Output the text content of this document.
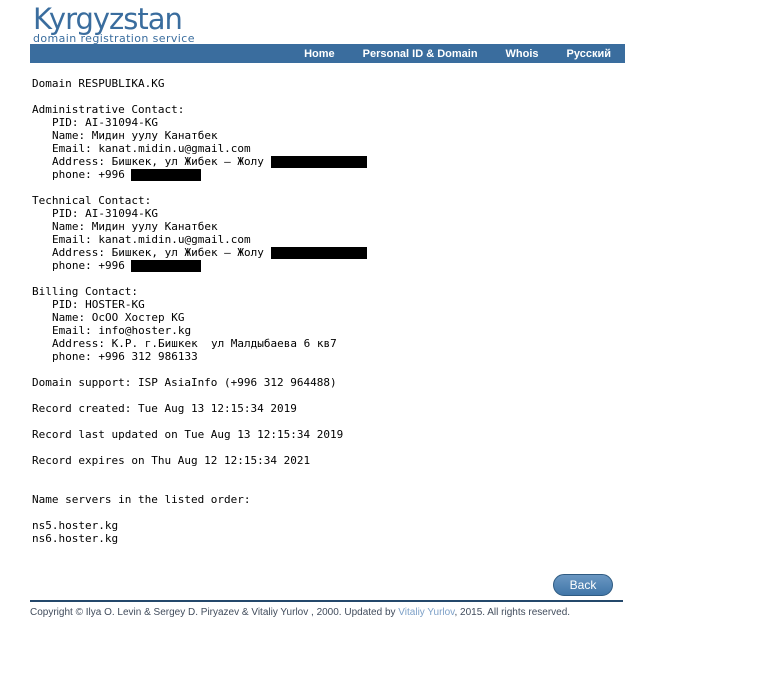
Kyrgyzstan
domain registration service
Home	Personal ID & Domain	Whois	Русский
Domain RESPUBLIKA.KG
Administrative Contact:
PID: AI-31094-KG
Name: Мидин уулу Канатбек
Email: kanat.midin.u@gmail.com
Address: Бишкек, ул Жибек — Жолу
phone: +996
Technical Contact:
PID: AI-31094-KG
Name: Мидин уулу Канатбек
Email: kanat.midin.u@gmail.com
Address: Бишкек, ул Жибек — Жолу
phone: +996
Billing Contact:
PID: HOSTER-KG
Name: ОсОО Хостер KG
Email: info@hoster.kg
Address: К.Р. г.Бишкек  ул Малдыбаева 6 кв7
phone: +996 312 986133
Domain support: ISP AsiaInfo (+996 312 964488)
Record created: Tue Aug 13 12:15:34 2019
Record last updated on Tue Aug 13 12:15:34 2019
Record expires on Thu Aug 12 12:15:34 2021
Name servers in the listed order:
ns5.hoster.kg
ns6.hoster.kg
Back
Copyright © Ilya O. Levin & Sergey D. Piryazev & Vitaliy Yurlov , 2000. Updated by Vitaliy Yurlov, 2015. All rights reserved.
